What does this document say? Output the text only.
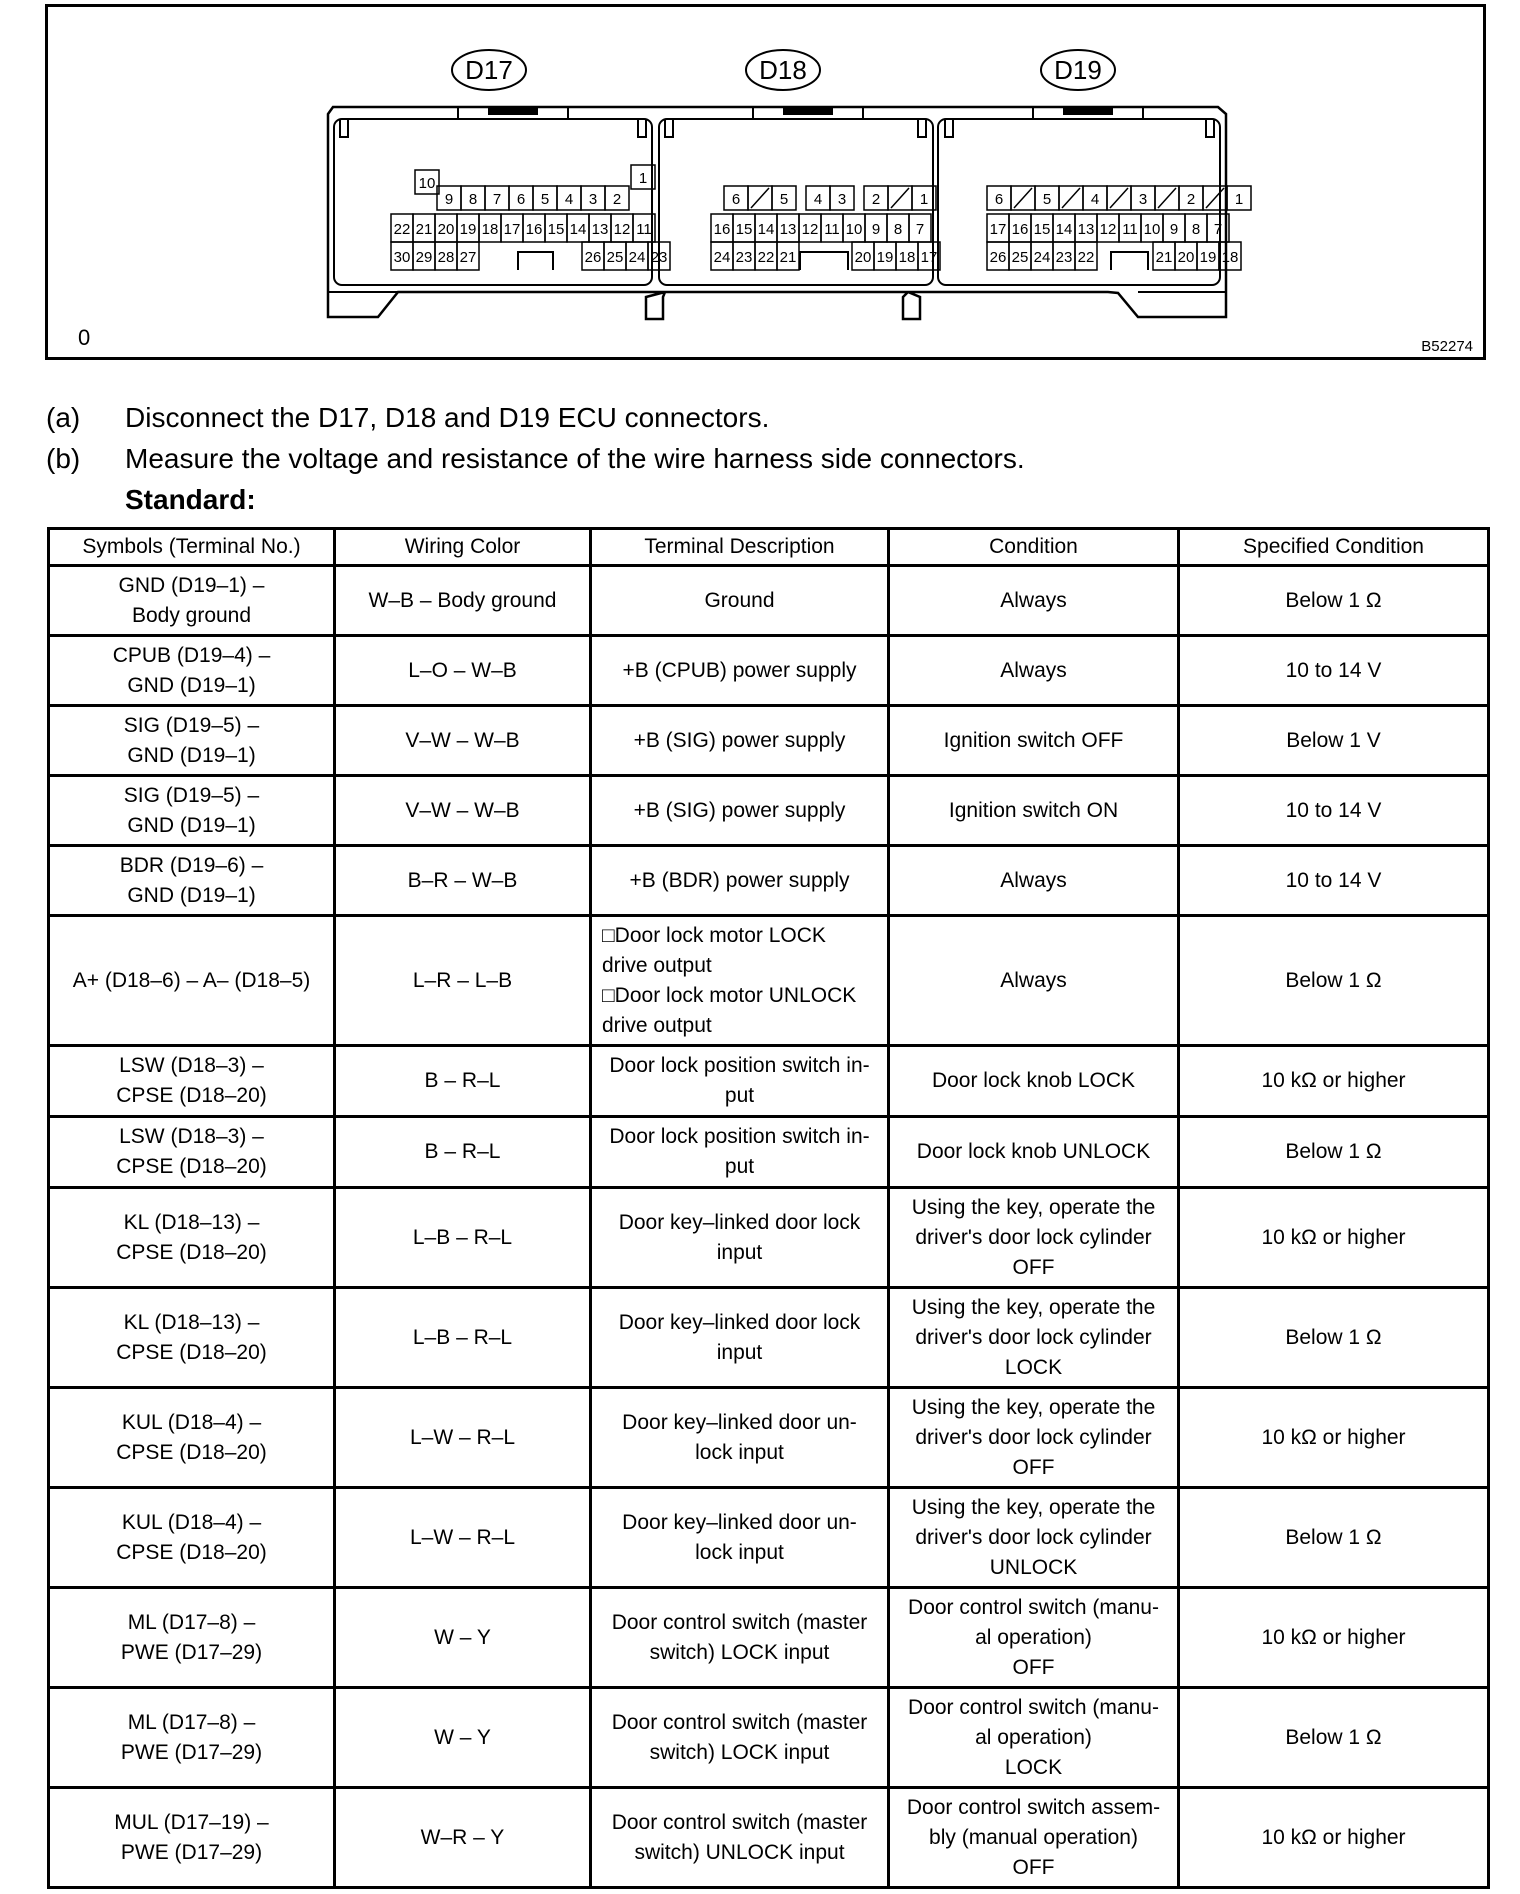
D17	D18	D19
10	1
9 8 7 6 5 4 3 2
22 21 20 19 18 17 16 15 14 13 12 11
30 29 28 27	26 25 24 23
6	5 4 3 2	1
16 15 14 13 12 11 10 9 8 7
24 23 22 21	20 19 18 17
6	5	4	3	2	1
17 16 15 14 13 12 11 10 9 8 7
26 25 24 23 22	21 20 19 18
0	B52274
(a) Disconnect the D17, D18 and D19 ECU connectors.
(b) Measure the voltage and resistance of the wire harness side connectors.
Standard:
Symbols (Terminal No.)	Wiring Color	Terminal Description	Condition	Specified Condition
GND (D19–1) –
Body ground	W–B – Body ground	Ground	Always	Below 1 Ω
CPUB (D19–4) –
GND (D19–1)	L–O – W–B	+B (CPUB) power supply	Always	10 to 14 V
SIG (D19–5) –
GND (D19–1)	V–W – W–B	+B (SIG) power supply	Ignition switch OFF	Below 1 V
SIG (D19–5) –
GND (D19–1)	V–W – W–B	+B (SIG) power supply	Ignition switch ON	10 to 14 V
BDR (D19–6) –
GND (D19–1)	B–R – W–B	+B (BDR) power supply	Always	10 to 14 V
A+ (D18–6) – A– (D18–5)	L–R – L–B	□Door lock motor LOCK
drive output
□Door lock motor UNLOCK
drive output	Always	Below 1 Ω
LSW (D18–3) –
CPSE (D18–20)	B – R–L	Door lock position switch in-
put	Door lock knob LOCK	10 kΩ or higher
LSW (D18–3) –
CPSE (D18–20)	B – R–L	Door lock position switch in-
put	Door lock knob UNLOCK	Below 1 Ω
KL (D18–13) –
CPSE (D18–20)	L–B – R–L	Door key–linked door lock
input	Using the key, operate the
driver's door lock cylinder
OFF	10 kΩ or higher
KL (D18–13) –
CPSE (D18–20)	L–B – R–L	Door key–linked door lock
input	Using the key, operate the
driver's door lock cylinder
LOCK	Below 1 Ω
KUL (D18–4) –
CPSE (D18–20)	L–W – R–L	Door key–linked door un-
lock input	Using the key, operate the
driver's door lock cylinder
OFF	10 kΩ or higher
KUL (D18–4) –
CPSE (D18–20)	L–W – R–L	Door key–linked door un-
lock input	Using the key, operate the
driver's door lock cylinder
UNLOCK	Below 1 Ω
ML (D17–8) –
PWE (D17–29)	W – Y	Door control switch (master
switch) LOCK input	Door control switch (manu-
al operation)
OFF	10 kΩ or higher
ML (D17–8) –
PWE (D17–29)	W – Y	Door control switch (master
switch) LOCK input	Door control switch (manu-
al operation)
LOCK	Below 1 Ω
MUL (D17–19) –
PWE (D17–29)	W–R – Y	Door control switch (master
switch) UNLOCK input	Door control switch assem-
bly (manual operation)
OFF	10 kΩ or higher
